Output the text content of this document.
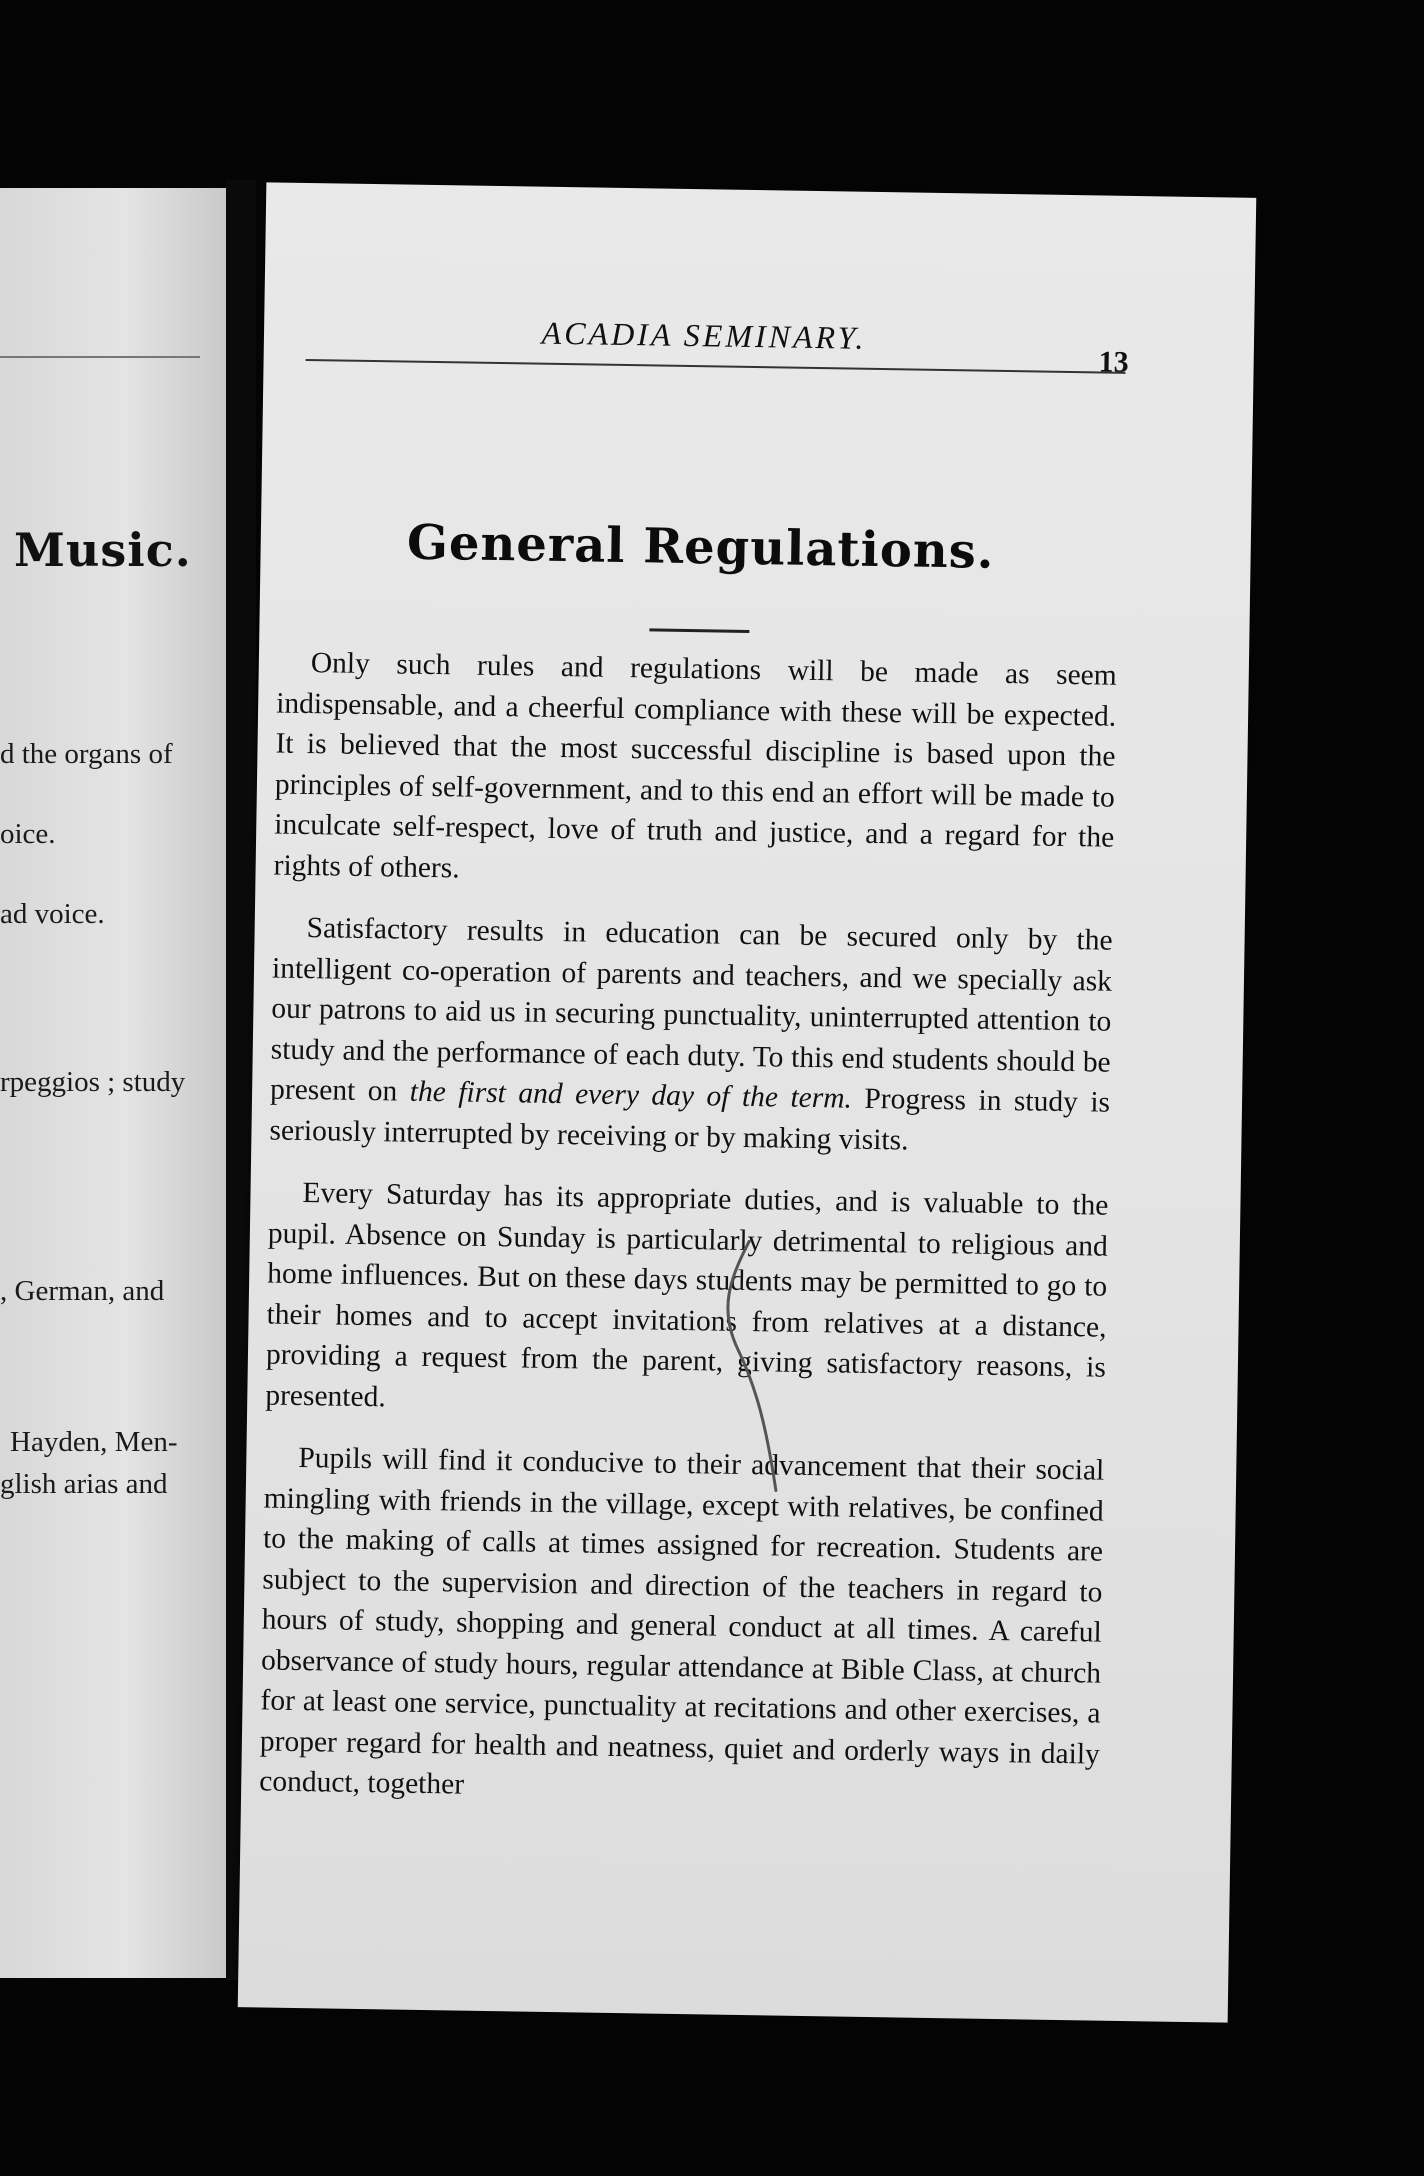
Music.
d the organs of
oice.
ad voice.
rpeggios ; study
, German, and
Hayden, Men-
glish arias and
ACADIA SEMINARY.
13
General Regulations.

Only such rules and regulations will be made as seem indispensable, and a cheerful compliance with these will be expected. It is believed that the most successful discipline is based upon the principles of self-government, and to this end an effort will be made to inculcate self-respect, love of truth and justice, and a regard for the rights of others.

Satisfactory results in education can be secured only by the intelligent co-operation of parents and teachers, and we specially ask our patrons to aid us in securing punctuality, uninterrupted attention to study and the performance of each duty. To this end students should be present on the first and every day of the term. Progress in study is seriously interrupted by receiving or by making visits.

Every Saturday has its appropriate duties, and is valuable to the pupil. Absence on Sunday is particularly detrimental to religious and home influences. But on these days students may be permitted to go to their homes and to accept invitations from relatives at a distance, providing a request from the parent, giving satisfactory reasons, is presented.

Pupils will find it conducive to their advancement that their social mingling with friends in the village, except with relatives, be confined to the making of calls at times assigned for recreation. Students are subject to the supervision and direction of the teachers in regard to hours of study, shopping and general conduct at all times. A careful observance of study hours, regular attendance at Bible Class, at church for at least one service, punctuality at recitations and other exercises, a proper regard for health and neatness, quiet and orderly ways in daily conduct, together
